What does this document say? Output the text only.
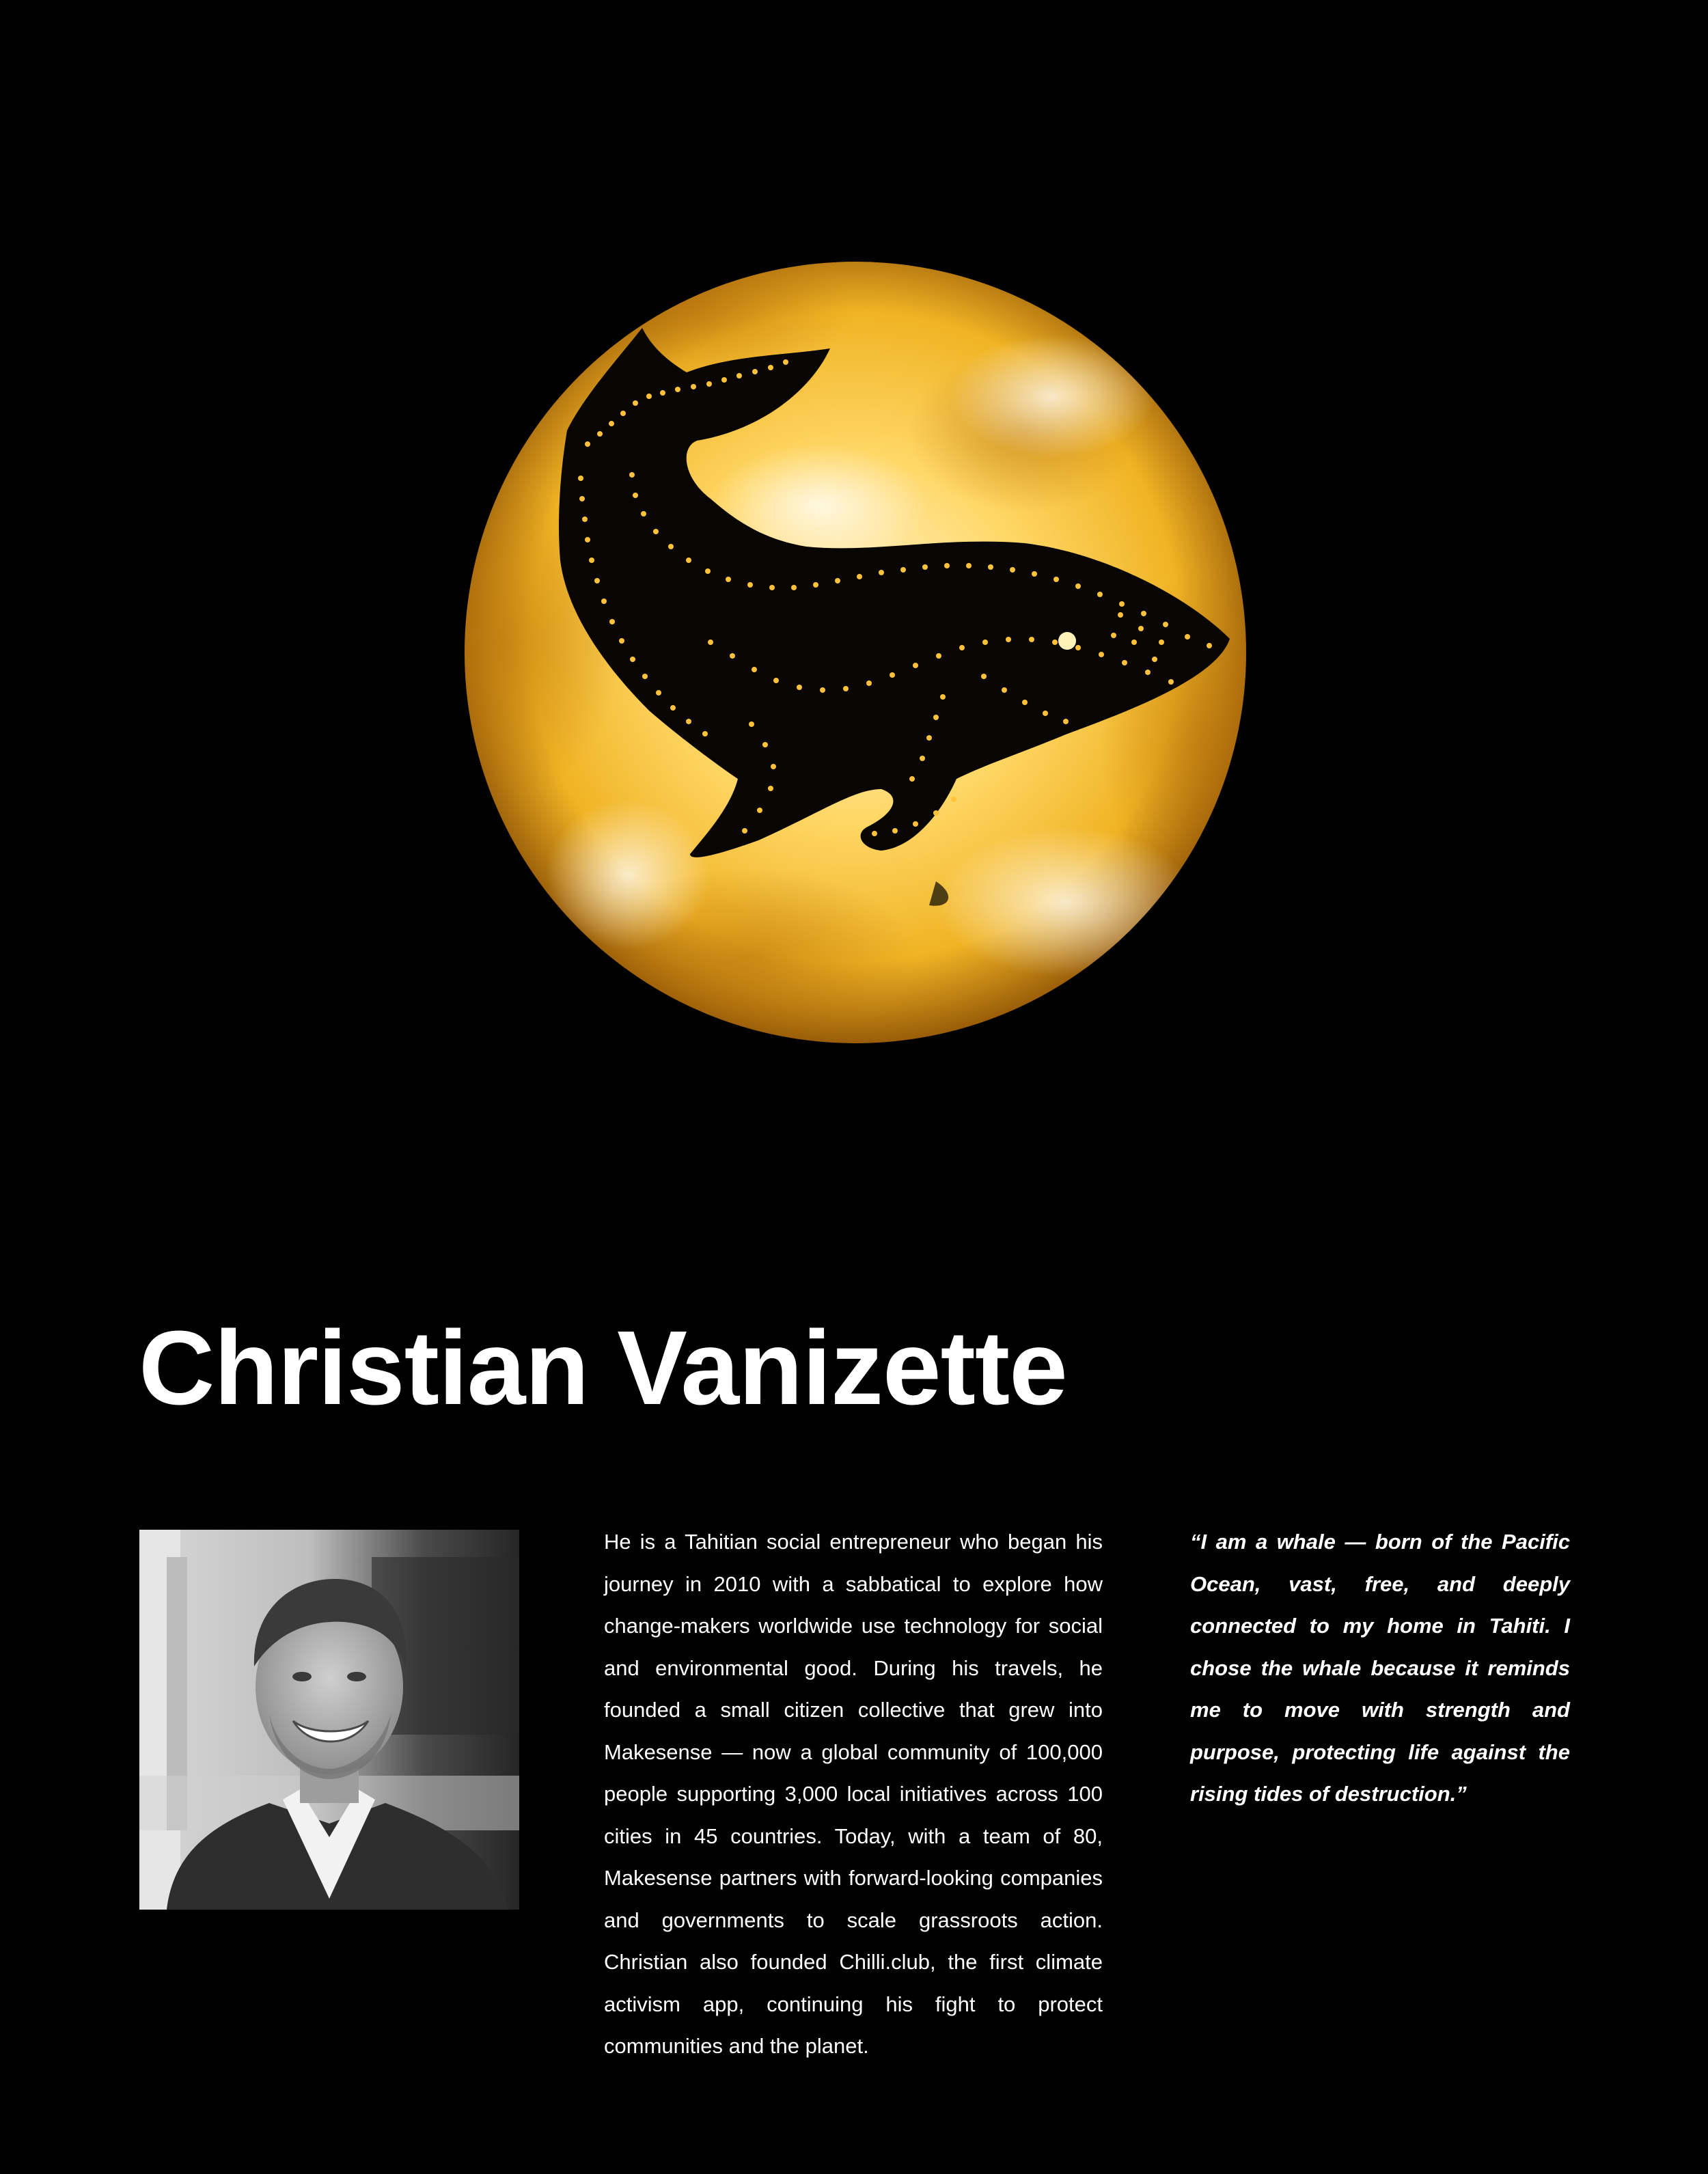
Christian Vanizette

He is a Tahitian social entrepreneur who began his journey in 2010 with a sabbatical to explore how change-makers worldwide use technology for social and environmental good. During his travels, he founded a small citizen collective that grew into Makesense — now a global community of 100,000 people supporting 3,000 local initiatives across 100 cities in 45 countries. Today, with a team of 80, Makesense partners with forward-looking companies and governments to scale grassroots action. Christian also founded Chilli.club, the first climate activism app, continuing his fight to protect communities and the planet.

“I am a whale — born of the Pacific Ocean, vast, free, and deeply connected to my home in Tahiti. I chose the whale because it reminds me to move with strength and purpose, protecting life against the rising tides of destruction.”
